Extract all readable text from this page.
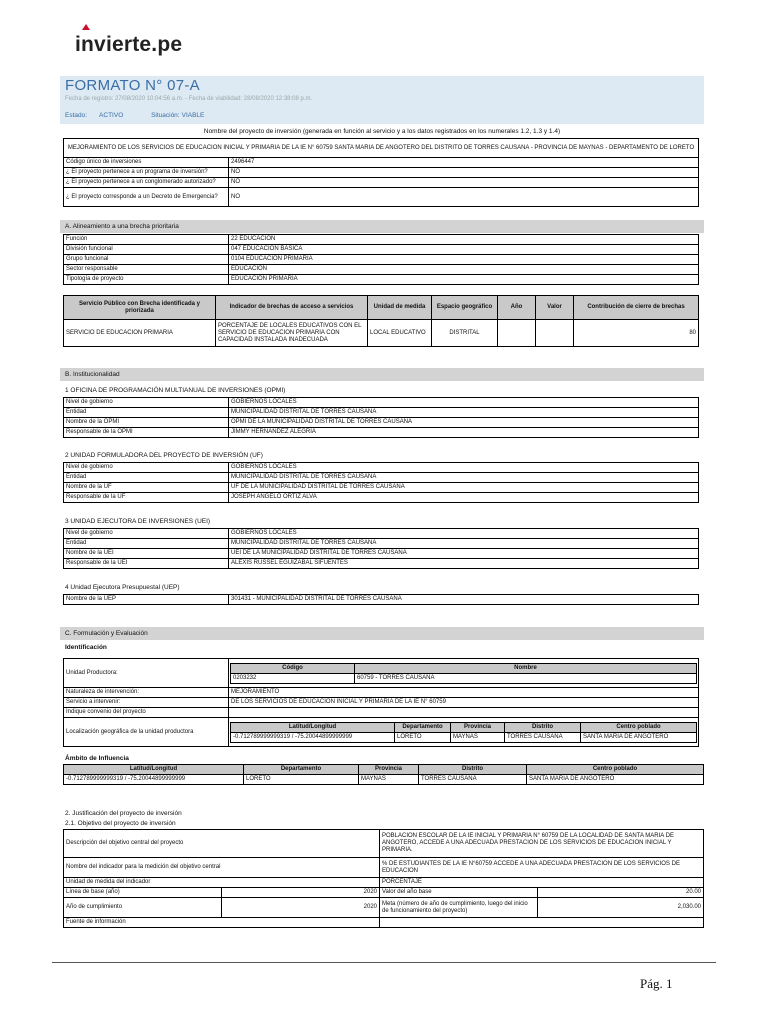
invierte.pe
FORMATO N° 07-A
Fecha de registro: 27/08/2020 10:04:56 a.m. - Fecha de viabilidad: 28/08/2020 12:38:08 p.m.
Estado: ACTIVO	Situación: VIABLE
Nombre del proyecto de inversión (generada en función al servicio y a los datos registrados en los numerales 1.2, 1.3 y 1.4)
MEJORAMIENTO DE LOS SERVICIOS DE EDUCACION INICIAL Y PRIMARIA DE LA IE N° 60759 SANTA MARIA DE ANGOTERO DEL DISTRITO DE TORRES CAUSANA - PROVINCIA DE MAYNAS - DEPARTAMENTO DE LORETO	
Código único de inversiones	2496447
¿ El proyecto pertenece a un programa de inversión?	NO
¿ El proyecto pertenece a un conglomerado autorizado?	NO
¿ El proyecto corresponde a un Decreto de Emergencia?	NO
A. Alineamiento a una brecha prioritaria
Función	22 EDUCACIÓN
División funcional	047 EDUCACIÓN BÁSICA
Grupo funcional	0104 EDUCACIÓN PRIMARIA
Sector responsable	EDUCACION
Tipología de proyecto	EDUCACIÓN PRIMARIA
Servicio Público con Brecha identificada y priorizada	Indicador de brechas de acceso a servicios	Unidad de medida	Espacio geográfico	Año	Valor	Contribución de cierre de brechas
SERVICIO DE EDUCACION PRIMARIA	PORCENTAJE DE LOCALES EDUCATIVOS CON EL SERVICIO DE EDUCACION PRIMARIA CON CAPACIDAD INSTALADA INADECUADA	LOCAL EDUCATIVO	DISTRITAL			80
B. Institucionalidad
1 OFICINA DE PROGRAMACIÓN MULTIANUAL DE INVERSIONES (OPMI)
Nivel de gobierno	GOBIERNOS LOCALES
Entidad	MUNICIPALIDAD DISTRITAL DE TORRES CAUSANA
Nombre de la OPMI	OPMI DE LA MUNICIPALIDAD DISTRITAL DE TORRES CAUSANA
Responsable de la OPMI	JIMMY HERNANDEZ ALEGRIA
2 UNIDAD FORMULADORA DEL PROYECTO DE INVERSIÓN (UF)
Nivel de gobierno	GOBIERNOS LOCALES
Entidad	MUNICIPALIDAD DISTRITAL DE TORRES CAUSANA
Nombre de la UF	UF DE LA MUNICIPALIDAD DISTRITAL DE TORRES CAUSANA
Responsable de la UF	JOSEPH ANGELO ORTIZ ALVA
3 UNIDAD EJECUTORA DE INVERSIONES (UEI)
Nivel de gobierno	GOBIERNOS LOCALES
Entidad	MUNICIPALIDAD DISTRITAL DE TORRES CAUSANA
Nombre de la UEI	UEI DE LA MUNICIPALIDAD DISTRITAL DE TORRES CAUSANA
Responsable de la UEI	ALEXIS RUSSEL EGUIZABAL SIFUENTES
4 Unidad Ejecutora Presupuestal (UEP)
Nombre de la UEP	301431 - MUNICIPALIDAD DISTRITAL DE TORRES CAUSANA
C. Formulación y Evaluación
Identificación
Unidad Productora:	
Código	Nombre
0203232	60759 - TORRES CAUSANA

Naturaleza de intervención:	MEJORAMIENTO
Servicio a intervenir:	DE LOS SERVICIOS DE EDUCACION INICIAL Y PRIMARIA DE LA IE N° 60759
Indique convenio del proyecto	
Localización geográfica de la unidad productora	
Latitud/Longitud	Departamento	Provincia	Distrito	Centro poblado
-0.712789999999319 / -75.20044899999999	LORETO	MAYNAS	TORRES CAUSANA	SANTA MARIA DE ANGOTERO
Ámbito de Influencia
Latitud/Longitud	Departamento	Provincia	Distrito	Centro poblado
-0.712789999999319 / -75.20044899999999	LORETO	MAYNAS	TORRES CAUSANA	SANTA MARIA DE ANGOTERO
2. Justificación del proyecto de inversión
2.1. Objetivo del proyecto de inversión
Descripción del objetivo central del proyecto		POBLACION ESCOLAR DE LA IE INICIAL Y PRIMARIA N° 60759 DE LA LOCALIDAD DE SANTA MARIA DE ANGOTERO, ACCEDE A UNA ADECUADA PRESTACION DE LOS SERVICIOS DE EDUCACION INICIAL Y PRIMARIA.	
Nombre del indicador para la medición del objetivo central		% DE ESTUDIANTES DE LA IE N°60759 ACCEDE A UNA ADECUADA PRESTACION DE LOS SERVICIOS DE EDUCACION	
Unidad de medida del indicador		PORCENTAJE	
Línea de base (año)	2020	Valor del año base	20.00
Año de cumplimiento	2020	Meta (número de año de cumplimiento, luego del inicio de funcionamiento del proyecto)	2,030.00
Fuente de información			
Pág. 1
